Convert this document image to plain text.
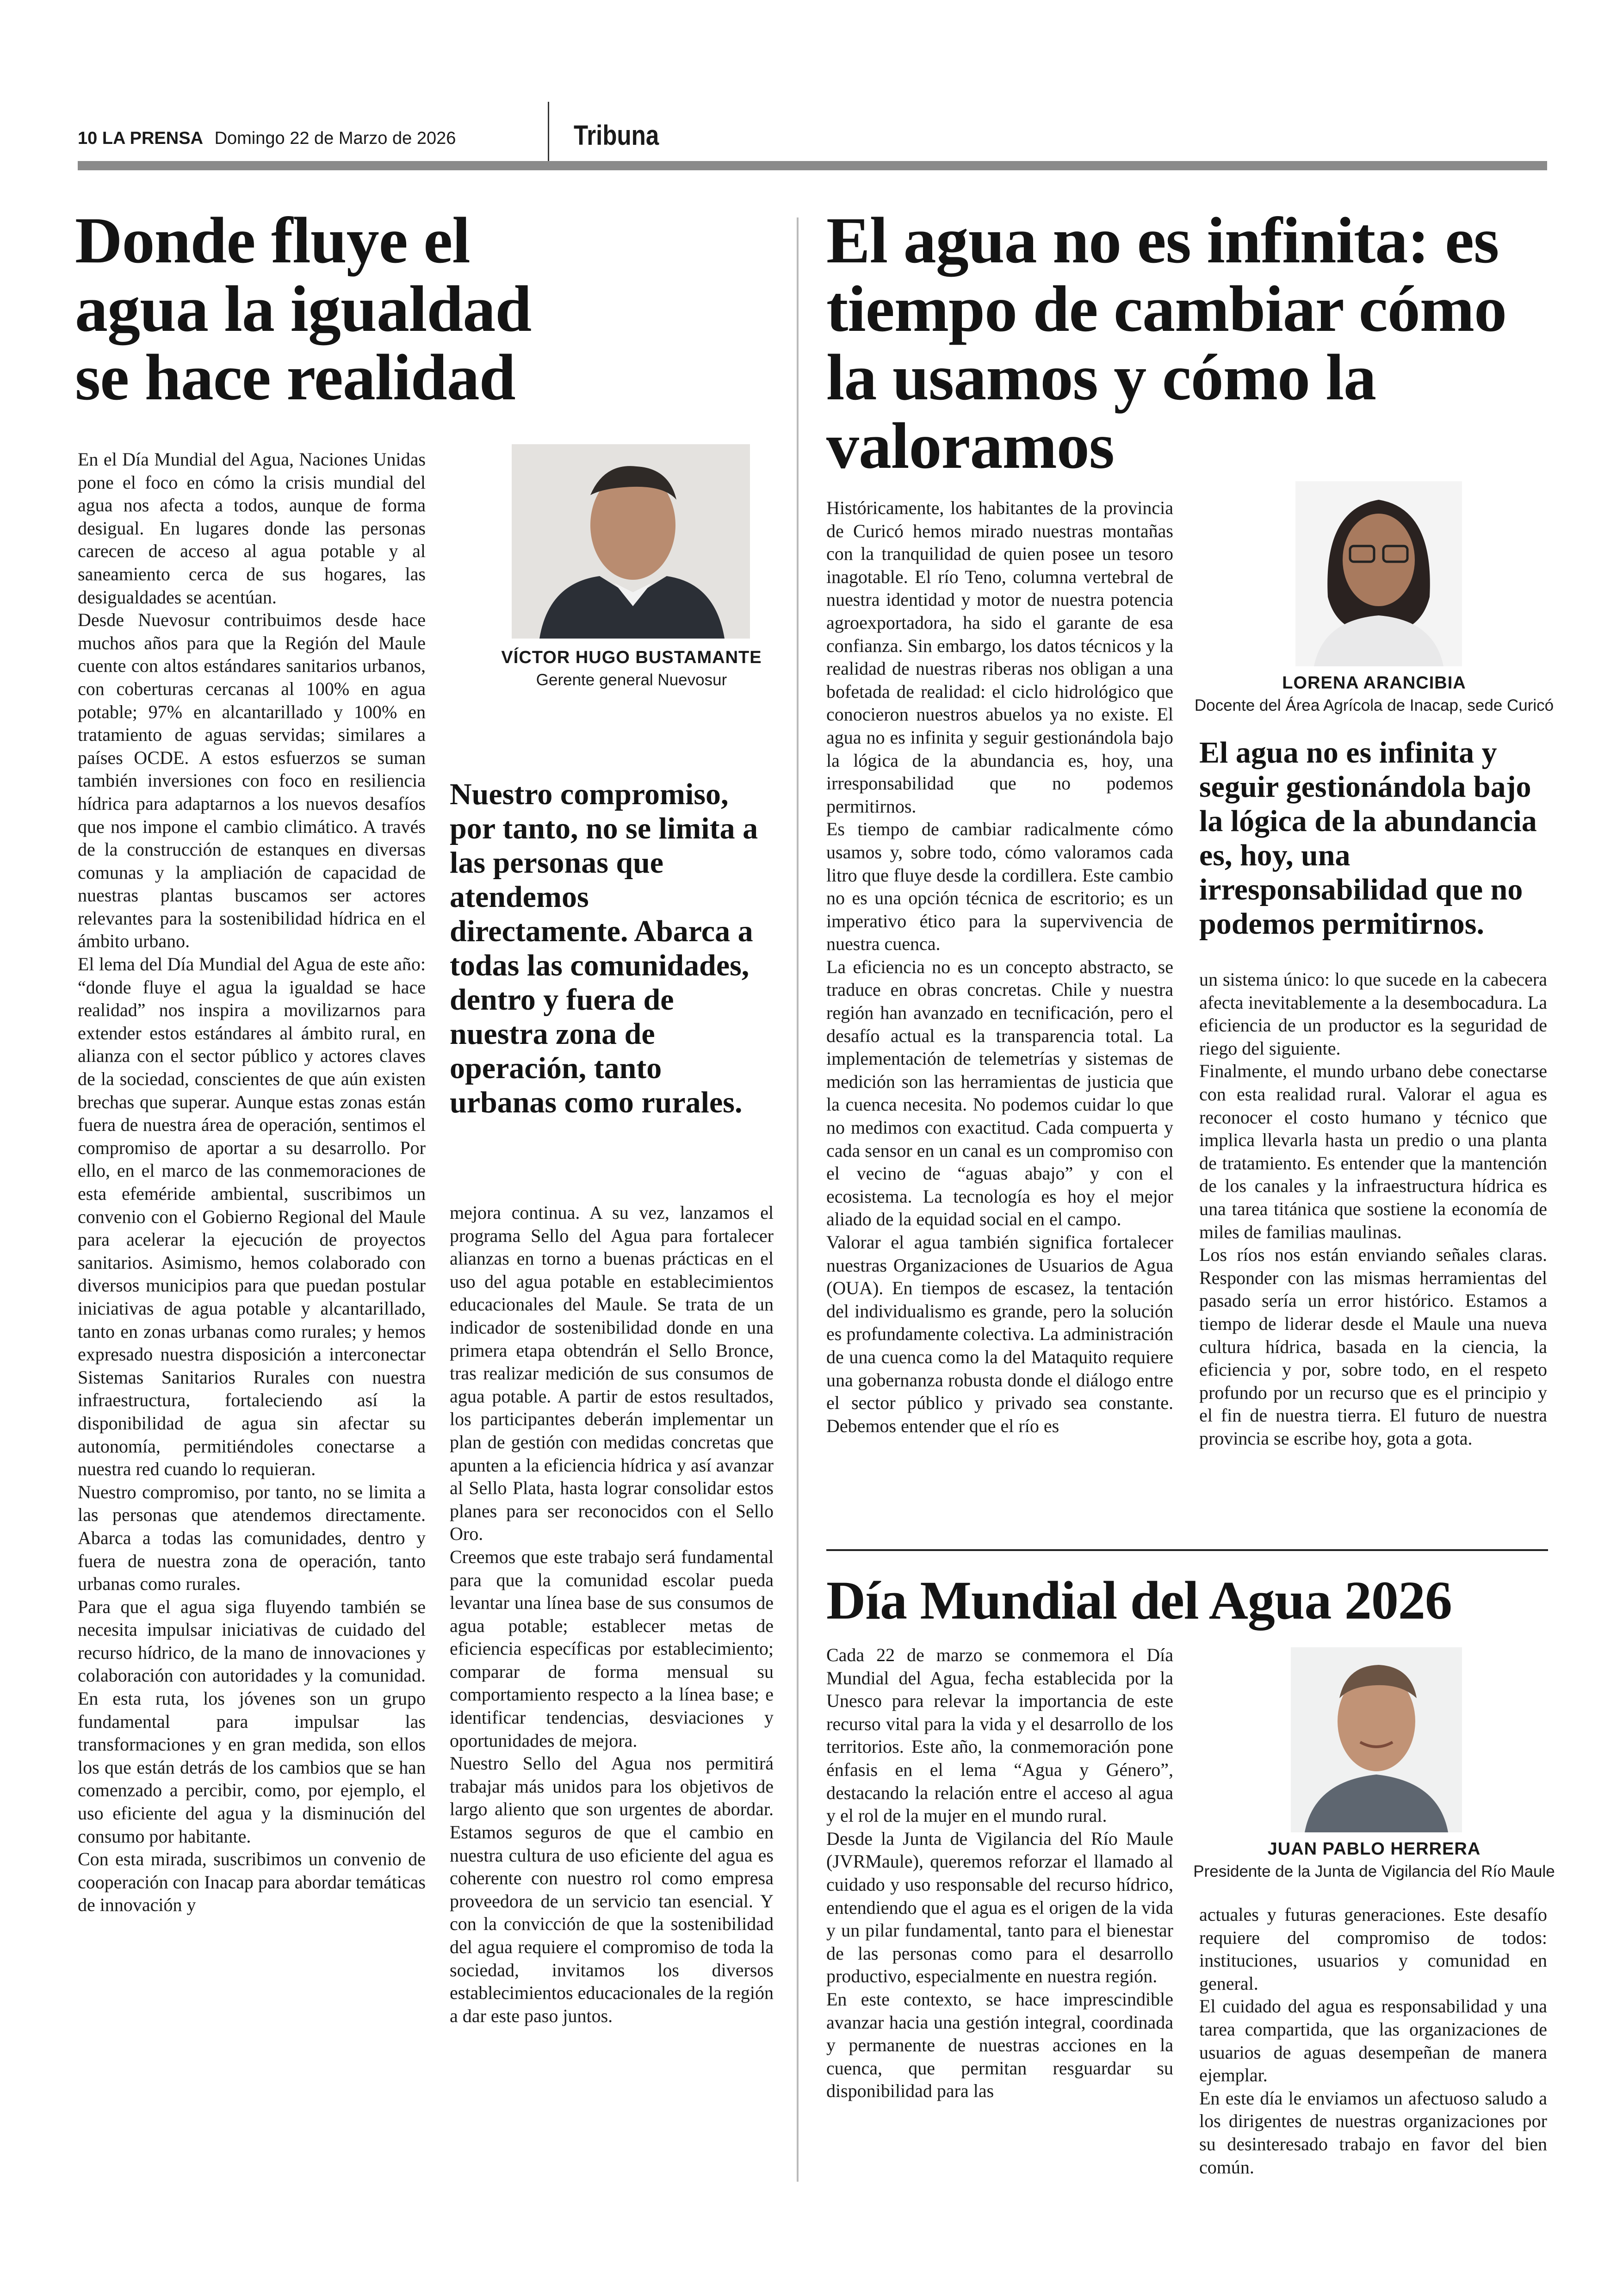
10 LA PRENSA Domingo 22 de Marzo de 2026	Tribuna
Donde fluye el agua la igualdad se hace realidad

En el Día Mundial del Agua, Naciones Unidas pone el foco en cómo la crisis mundial del agua nos afecta a todos, aunque de forma desigual. En lugares donde las personas carecen de acceso al agua potable y al saneamiento cerca de sus hogares, las desigualdades se acentúan.

Desde Nuevosur contribuimos desde hace muchos años para que la Región del Maule cuente con altos estándares sanitarios urbanos, con coberturas cercanas al 100% en agua potable; 97% en alcantarillado y 100% en tratamiento de aguas servidas; similares a países OCDE. A estos esfuerzos se suman también inversiones con foco en resiliencia hídrica para adaptarnos a los nuevos desafíos que nos impone el cambio climático. A través de la construcción de estanques en diversas comunas y la ampliación de capacidad de nuestras plantas buscamos ser actores relevantes para la sostenibilidad hídrica en el ámbito urbano.

El lema del Día Mundial del Agua de este año: “donde fluye el agua la igualdad se hace realidad” nos inspira a movilizarnos para extender estos estándares al ámbito rural, en alianza con el sector público y actores claves de la sociedad, conscientes de que aún existen brechas que superar. Aunque estas zonas están fuera de nuestra área de operación, sentimos el compromiso de aportar a su desarrollo. Por ello, en el marco de las conmemoraciones de esta efeméride ambiental, suscribimos un convenio con el Gobierno Regional del Maule para acelerar la ejecución de proyectos sanitarios. Asimismo, hemos colaborado con diversos municipios para que puedan postular iniciativas de agua potable y alcantarillado, tanto en zonas urbanas como rurales; y hemos expresado nuestra disposición a interconectar Sistemas Sanitarios Rurales con nuestra infraestructura, fortaleciendo así la disponibilidad de agua sin afectar su autonomía, permitiéndoles conectarse a nuestra red cuando lo requieran.

Nuestro compromiso, por tanto, no se limita a las personas que atendemos directamente. Abarca a todas las comunidades, dentro y fuera de nuestra zona de operación, tanto urbanas como rurales.

Para que el agua siga fluyendo también se necesita impulsar iniciativas de cuidado del recurso hídrico, de la mano de innovaciones y colaboración con autoridades y la comunidad. En esta ruta, los jóvenes son un grupo fundamental para impulsar las transformaciones y en gran medida, son ellos los que están detrás de los cambios que se han comenzado a percibir, como, por ejemplo, el uso eficiente del agua y la disminución del consumo por habitante.

Con esta mirada, suscribimos un convenio de cooperación con Inacap para abordar temáticas de innovación y

VÍCTOR HUGO BUSTAMANTE
Gerente general Nuevosur

Nuestro compromiso, por tanto, no se limita a las personas que atendemos directamente. Abarca a todas las comunidades, dentro y fuera de nuestra zona de operación, tanto urbanas como rurales.

mejora continua. A su vez, lanzamos el programa Sello del Agua para fortalecer alianzas en torno a buenas prácticas en el uso del agua potable en establecimientos educacionales del Maule. Se trata de un indicador de sostenibilidad donde en una primera etapa obtendrán el Sello Bronce, tras realizar medición de sus consumos de agua potable. A partir de estos resultados, los participantes deberán implementar un plan de gestión con medidas concretas que apunten a la eficiencia hídrica y así avanzar al Sello Plata, hasta lograr consolidar estos planes para ser reconocidos con el Sello Oro.

Creemos que este trabajo será fundamental para que la comunidad escolar pueda levantar una línea base de sus consumos de agua potable; establecer metas de eficiencia específicas por establecimiento; comparar de forma mensual su comportamiento respecto a la línea base; e identificar tendencias, desviaciones y oportunidades de mejora.

Nuestro Sello del Agua nos permitirá trabajar más unidos para los objetivos de largo aliento que son urgentes de abordar. Estamos seguros de que el cambio en nuestra cultura de uso eficiente del agua es coherente con nuestro rol como empresa proveedora de un servicio tan esencial. Y con la convicción de que la sostenibilidad del agua requiere el compromiso de toda la sociedad, invitamos los diversos establecimientos educacionales de la región a dar este paso juntos.

El agua no es infinita: es tiempo de cambiar cómo la usamos y cómo la valoramos

Históricamente, los habitantes de la provincia de Curicó hemos mirado nuestras montañas con la tranquilidad de quien posee un tesoro inagotable. El río Teno, columna vertebral de nuestra identidad y motor de nuestra potencia agroexportadora, ha sido el garante de esa confianza. Sin embargo, los datos técnicos y la realidad de nuestras riberas nos obligan a una bofetada de realidad: el ciclo hidrológico que conocieron nuestros abuelos ya no existe. El agua no es infinita y seguir gestionándola bajo la lógica de la abundancia es, hoy, una irresponsabilidad que no podemos permitirnos.

Es tiempo de cambiar radicalmente cómo usamos y, sobre todo, cómo valoramos cada litro que fluye desde la cordillera. Este cambio no es una opción técnica de escritorio; es un imperativo ético para la supervivencia de nuestra cuenca.

La eficiencia no es un concepto abstracto, se traduce en obras concretas. Chile y nuestra región han avanzado en tecnificación, pero el desafío actual es la transparencia total. La implementación de telemetrías y sistemas de medición son las herramientas de justicia que la cuenca necesita. No podemos cuidar lo que no medimos con exactitud. Cada compuerta y cada sensor en un canal es un compromiso con el vecino de “aguas abajo” y con el ecosistema. La tecnología es hoy el mejor aliado de la equidad social en el campo.

Valorar el agua también significa fortalecer nuestras Organizaciones de Usuarios de Agua (OUA). En tiempos de escasez, la tentación del individualismo es grande, pero la solución es profundamente colectiva. La administración de una cuenca como la del Mataquito requiere una gobernanza robusta donde el diálogo entre el sector público y privado sea constante. Debemos entender que el río es

LORENA ARANCIBIA
Docente del Área Agrícola de Inacap, sede Curicó

El agua no es infinita y seguir gestionándola bajo la lógica de la abundancia es, hoy, una irresponsabilidad que no podemos permitirnos.

un sistema único: lo que sucede en la cabecera afecta inevitablemente a la desembocadura. La eficiencia de un productor es la seguridad de riego del siguiente.

Finalmente, el mundo urbano debe conectarse con esta realidad rural. Valorar el agua es reconocer el costo humano y técnico que implica llevarla hasta un predio o una planta de tratamiento. Es entender que la mantención de los canales y la infraestructura hídrica es una tarea titánica que sostiene la economía de miles de familias maulinas.

Los ríos nos están enviando señales claras. Responder con las mismas herramientas del pasado sería un error histórico. Estamos a tiempo de liderar desde el Maule una nueva cultura hídrica, basada en la ciencia, la eficiencia y por, sobre todo, en el respeto profundo por un recurso que es el principio y el fin de nuestra tierra. El futuro de nuestra provincia se escribe hoy, gota a gota.

Día Mundial del Agua 2026

Cada 22 de marzo se conmemora el Día Mundial del Agua, fecha establecida por la Unesco para relevar la importancia de este recurso vital para la vida y el desarrollo de los territorios. Este año, la conmemoración pone énfasis en el lema “Agua y Género”, destacando la relación entre el acceso al agua y el rol de la mujer en el mundo rural.

Desde la Junta de Vigilancia del Río Maule (JVRMaule), queremos reforzar el llamado al cuidado y uso responsable del recurso hídrico, entendiendo que el agua es el origen de la vida y un pilar fundamental, tanto para el bienestar de las personas como para el desarrollo productivo, especialmente en nuestra región.

En este contexto, se hace imprescindible avanzar hacia una gestión integral, coordinada y permanente de nuestras acciones en la cuenca, que permitan resguardar su disponibilidad para las

JUAN PABLO HERRERA
Presidente de la Junta de Vigilancia del Río Maule

actuales y futuras generaciones. Este desafío requiere del compromiso de todos: instituciones, usuarios y comunidad en general.

El cuidado del agua es responsabilidad y una tarea compartida, que las organizaciones de usuarios de aguas desempeñan de manera ejemplar.

En este día le enviamos un afectuoso saludo a los dirigentes de nuestras organizaciones por su desinteresado trabajo en favor del bien común.
